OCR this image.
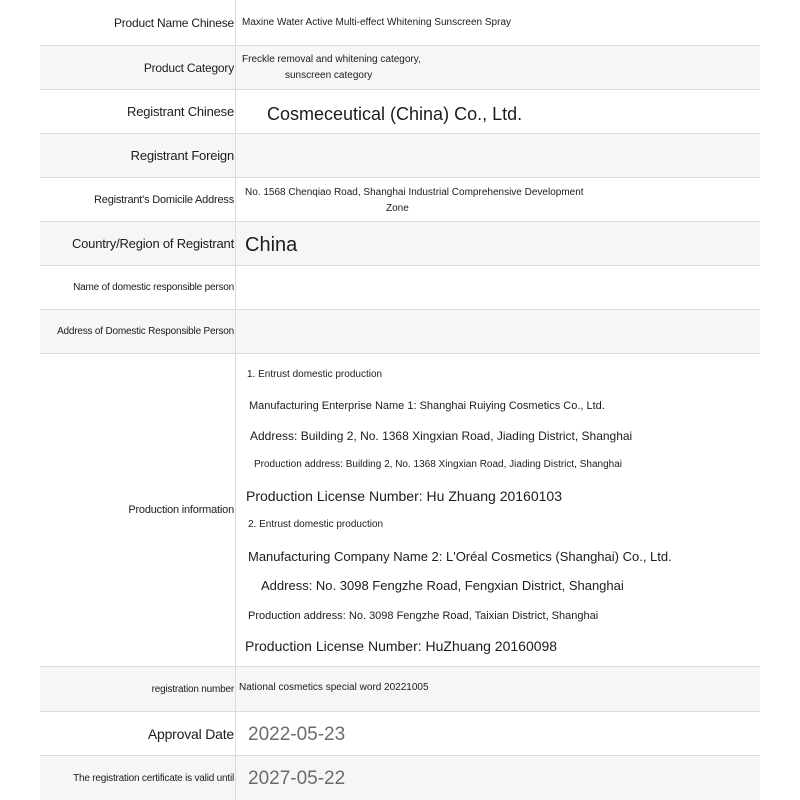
Product Name Chinese Maxine Water Active Multi-effect Whitening Sunscreen Spray
Product Category
Freckle removal and whitening category,
sunscreen category
Registrant Chinese Cosmeceutical (China) Co., Ltd.
Registrant Foreign
Registrant's Domicile Address
No. 1568 Chenqiao Road, Shanghai Industrial Comprehensive Development
Zone
Country/Region of Registrant China
Name of domestic responsible person
Address of Domestic Responsible Person
Production information
1. Entrust domestic production
Manufacturing Enterprise Name 1: Shanghai Ruiying Cosmetics Co., Ltd.
Address: Building 2, No. 1368 Xingxian Road, Jiading District, Shanghai
Production address: Building 2, No. 1368 Xingxian Road, Jiading District, Shanghai
Production License Number: Hu Zhuang 20160103
2. Entrust domestic production
Manufacturing Company Name 2: L'Oréal Cosmetics (Shanghai) Co., Ltd.
Address: No. 3098 Fengzhe Road, Fengxian District, Shanghai
Production address: No. 3098 Fengzhe Road, Taixian District, Shanghai
Production License Number: HuZhuang 20160098
registration number National cosmetics special word 20221005
Approval Date 2022-05-23
The registration certificate is valid until 2027-05-22
